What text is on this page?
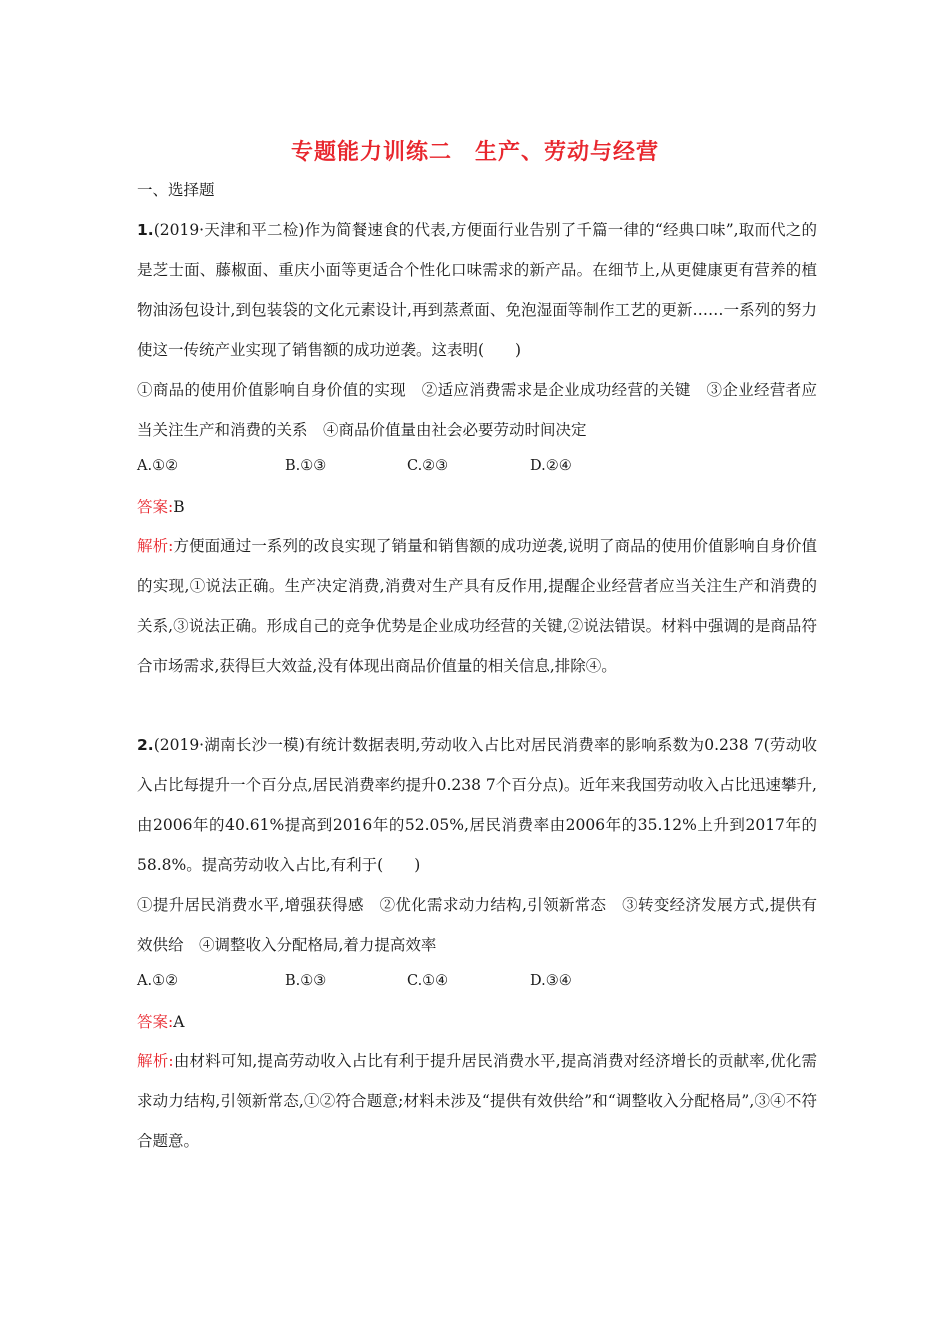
专题能力训练二　生产、劳动与经营
一、选择题

1.(2019·天津和平二检)作为简餐速食的代表,方便面行业告别了千篇一律的“经典口味”,取而代之的是芝士面、藤椒面、重庆小面等更适合个性化口味需求的新产品。在细节上,从更健康更有营养的植物油汤包设计,到包装袋的文化元素设计,再到蒸煮面、免泡湿面等制作工艺的更新……一系列的努力使这一传统产业实现了销售额的成功逆袭。这表明(　　)

①商品的使用价值影响自身价值的实现　②适应消费需求是企业成功经营的关键　③企业经营者应当关注生产和消费的关系　④商品价值量由社会必要劳动时间决定

A.①②	B.①③	C.②③	D.②④

答案:B

解析:方便面通过一系列的改良实现了销量和销售额的成功逆袭,说明了商品的使用价值影响自身价值的实现,①说法正确。生产决定消费,消费对生产具有反作用,提醒企业经营者应当关注生产和消费的关系,③说法正确。形成自己的竞争优势是企业成功经营的关键,②说法错误。材料中强调的是商品符合市场需求,获得巨大效益,没有体现出商品价值量的相关信息,排除④。

2.(2019·湖南长沙一模)有统计数据表明,劳动收入占比对居民消费率的影响系数为0.238 7(劳动收入占比每提升一个百分点,居民消费率约提升0.238 7个百分点)。近年来我国劳动收入占比迅速攀升,由2006年的40.61%提高到2016年的52.05%,居民消费率由2006年的35.12%上升到2017年的58.8%。提高劳动收入占比,有利于(　　)

①提升居民消费水平,增强获得感　②优化需求动力结构,引领新常态　③转变经济发展方式,提供有效供给　④调整收入分配格局,着力提高效率

A.①②	B.①③	C.①④	D.③④

答案:A

解析:由材料可知,提高劳动收入占比有利于提升居民消费水平,提高消费对经济增长的贡献率,优化需求动力结构,引领新常态,①②符合题意;材料未涉及“提供有效供给”和“调整收入分配格局”,③④不符合题意。
